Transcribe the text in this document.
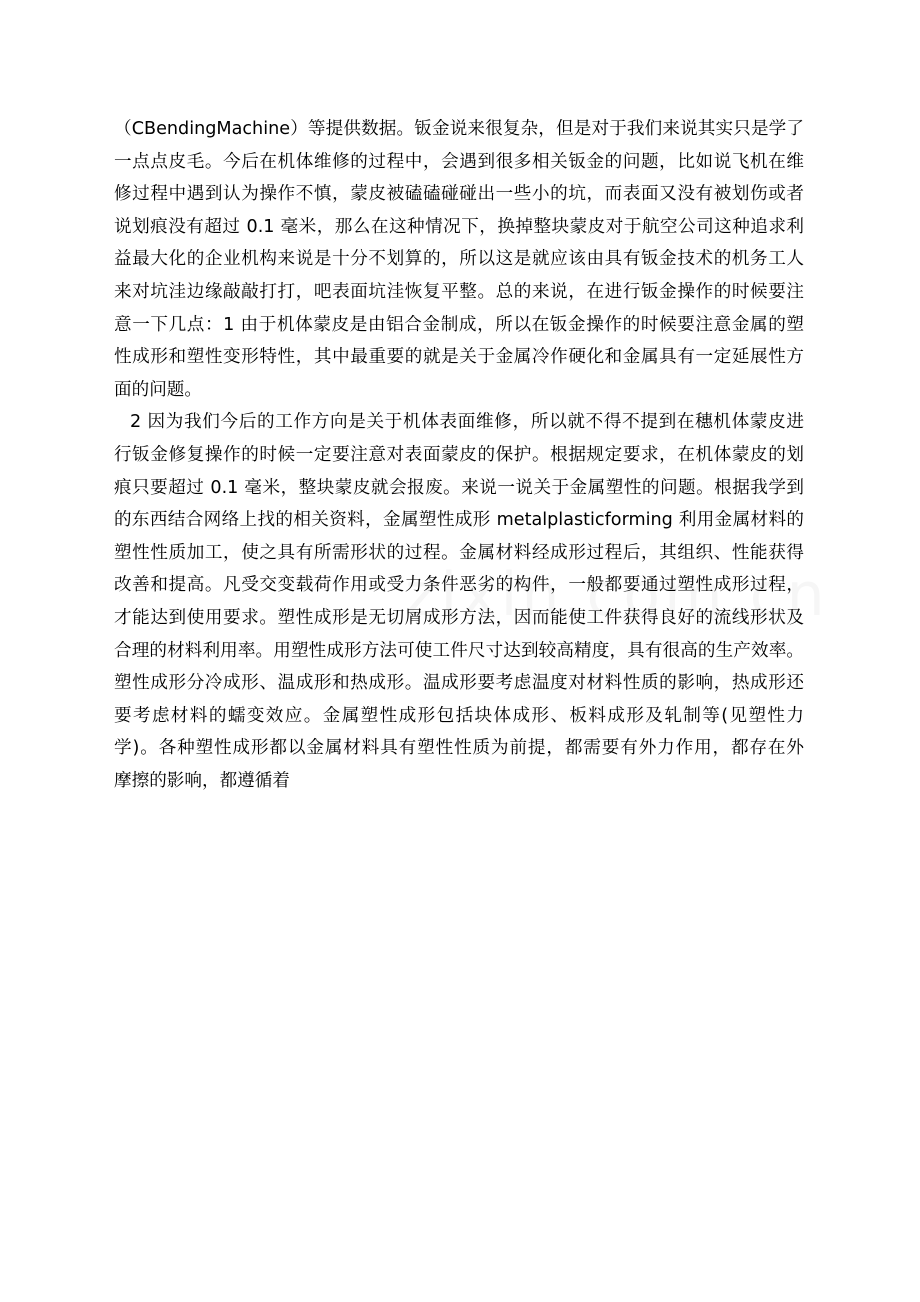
（CBendingMachine）等提供数据。钣金说来很复杂，但是对于我们来说其实只是学了
一点点皮毛。今后在机体维修的过程中，会遇到很多相关钣金的问题，比如说飞机在维
修过程中遇到认为操作不慎，蒙皮被磕磕碰碰出一些小的坑，而表面又没有被划伤或者
说划痕没有超过 0.1 毫米，那么在这种情况下，换掉整块蒙皮对于航空公司这种追求利
益最大化的企业机构来说是十分不划算的，所以这是就应该由具有钣金技术的机务工人
来对坑洼边缘敲敲打打，吧表面坑洼恢复平整。总的来说，在进行钣金操作的时候要注
意一下几点：1 由于机体蒙皮是由铝合金制成，所以在钣金操作的时候要注意金属的塑
性成形和塑性变形特性，其中最重要的就是关于金属冷作硬化和金属具有一定延展性方
面的问题。
2 因为我们今后的工作方向是关于机体表面维修，所以就不得不提到在穗机体蒙皮进
行钣金修复操作的时候一定要注意对表面蒙皮的保护。根据规定要求，在机体蒙皮的划
痕只要超过 0.1 毫米，整块蒙皮就会报废。来说一说关于金属塑性的问题。根据我学到
的东西结合网络上找的相关资料，金属塑性成形 metalplasticforming 利用金属材料的
塑性性质加工，使之具有所需形状的过程。金属材料经成形过程后，其组织、性能获得
改善和提高。凡受交变载荷作用或受力条件恶劣的构件，一般都要通过塑性成形过程，
才能达到使用要求。塑性成形是无切屑成形方法，因而能使工件获得良好的流线形状及
合理的材料利用率。用塑性成形方法可使工件尺寸达到较高精度，具有很高的生产效率。
塑性成形分冷成形、温成形和热成形。温成形要考虑温度对材料性质的影响，热成形还
要考虑材料的蠕变效应。金属塑性成形包括块体成形、板料成形及轧制等(见塑性力
学)。各种塑性成形都以金属材料具有塑性性质为前提，都需要有外力作用，都存在外
摩擦的影响，都遵循着
